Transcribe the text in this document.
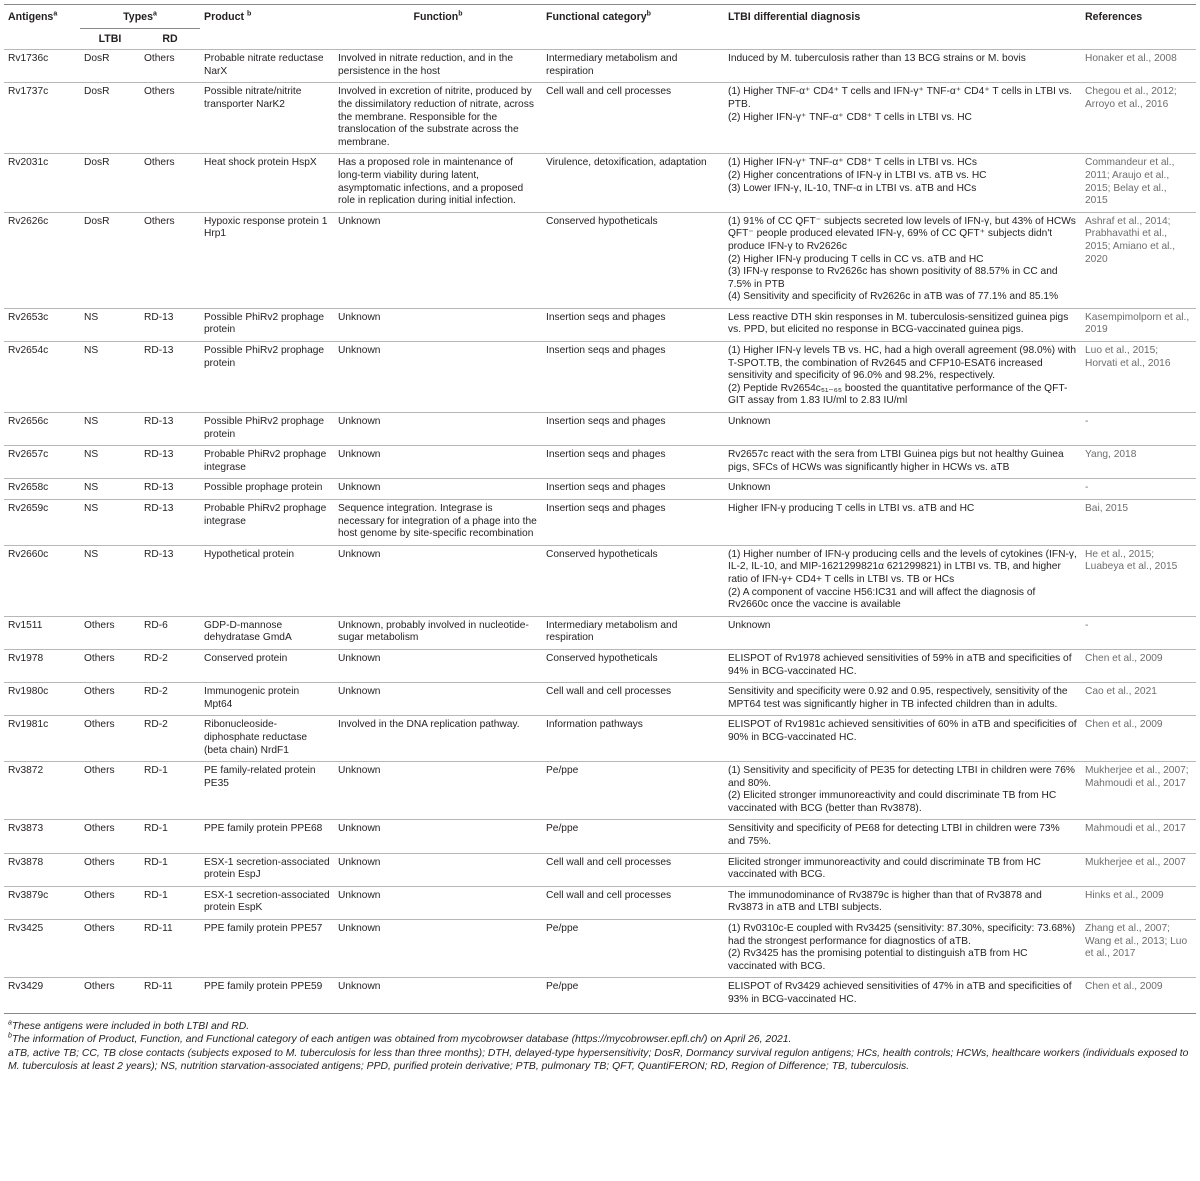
Antigens$^a$	Types$^a$		Product $^b$	Function$^b$	Functional category$^b$	LTBI differential diagnosis	References
	LTBI	RD					
Rv1736c	DosR	Others	Probable nitrate reductase NarX	Involved in nitrate reduction, and in the persistence in the host	Intermediary metabolism and respiration	Induced by M. tuberculosis rather than 13 BCG strains or M. bovis	Honaker et al., 2008
Rv1737c	DosR	Others	Possible nitrate/nitrite transporter NarK2	Involved in excretion of nitrite, produced by the dissimilatory reduction of nitrate, across the membrane. Responsible for the translocation of the substrate across the membrane.	Cell wall and cell processes	(1) Higher TNF-α⁺ CD4⁺ T cells and IFN-γ⁺ TNF-α⁺ CD4⁺ T cells in LTBI vs. PTB.
(2) Higher IFN-γ⁺ TNF-α⁺ CD8⁺ T cells in LTBI vs. HC	Chegou et al., 2012; Arroyo et al., 2016
Rv2031c	DosR	Others	Heat shock protein HspX	Has a proposed role in maintenance of long-term viability during latent, asymptomatic infections, and a proposed role in replication during initial infection.	Virulence, detoxification, adaptation	(1) Higher IFN-γ⁺ TNF-α⁺ CD8⁺ T cells in LTBI vs. HCs
(2) Higher concentrations of IFN-γ in LTBI vs. aTB vs. HC
(3) Lower IFN-γ, IL-10, TNF-α in LTBI vs. aTB and HCs	Commandeur et al., 2011; Araujo et al., 2015; Belay et al., 2015
Rv2626c	DosR	Others	Hypoxic response protein 1 Hrp1	Unknown	Conserved hypotheticals	(1) 91% of CC QFT⁻ subjects secreted low levels of IFN-γ, but 43% of HCWs QFT⁻ people produced elevated IFN-γ, 69% of CC QFT⁺ subjects didn't produce IFN-γ to Rv2626c
(2) Higher IFN-γ producing T cells in CC vs. aTB and HC
(3) IFN-γ response to Rv2626c has shown positivity of 88.57% in CC and 7.5% in PTB
(4) Sensitivity and specificity of Rv2626c in aTB was of 77.1% and 85.1%	Ashraf et al., 2014; Prabhavathi et al., 2015; Amiano et al., 2020
Rv2653c	NS	RD-13	Possible PhiRv2 prophage protein	Unknown	Insertion seqs and phages	Less reactive DTH skin responses in M. tuberculosis-sensitized guinea pigs vs. PPD, but elicited no response in BCG-vaccinated guinea pigs.	Kasempimolporn et al., 2019
Rv2654c	NS	RD-13	Possible PhiRv2 prophage protein	Unknown	Insertion seqs and phages	(1) Higher IFN-γ levels TB vs. HC, had a high overall agreement (98.0%) with T-SPOT.TB, the combination of Rv2645 and CFP10-ESAT6 increased sensitivity and specificity of 96.0% and 98.2%, respectively.
(2) Peptide Rv2654c₅₁₋₆₅ boosted the quantitative performance of the QFT-GIT assay from 1.83 IU/ml to 2.83 IU/ml	Luo et al., 2015; Horvati et al., 2016
Rv2656c	NS	RD-13	Possible PhiRv2 prophage protein	Unknown	Insertion seqs and phages	Unknown	-
Rv2657c	NS	RD-13	Probable PhiRv2 prophage integrase	Unknown	Insertion seqs and phages	Rv2657c react with the sera from LTBI Guinea pigs but not healthy Guinea pigs, SFCs of HCWs was significantly higher in HCWs vs. aTB	Yang, 2018
Rv2658c	NS	RD-13	Possible prophage protein	Unknown	Insertion seqs and phages	Unknown	-
Rv2659c	NS	RD-13	Probable PhiRv2 prophage integrase	Sequence integration. Integrase is necessary for integration of a phage into the host genome by site-specific recombination	Insertion seqs and phages	Higher IFN-γ producing T cells in LTBI vs. aTB and HC	Bai, 2015
Rv2660c	NS	RD-13	Hypothetical protein	Unknown	Conserved hypotheticals	(1) Higher number of IFN-γ producing cells and the levels of cytokines (IFN-γ, IL-2, IL-10, and MIP-1621299821α 621299821) in LTBI vs. TB, and higher ratio of IFN-γ+ CD4+ T cells in LTBI vs. TB or HCs
(2) A component of vaccine H56:IC31 and will affect the diagnosis of Rv2660c once the vaccine is available	He et al., 2015; Luabeya et al., 2015
Rv1511	Others	RD-6	GDP-D-mannose dehydratase GmdA	Unknown, probably involved in nucleotide-sugar metabolism	Intermediary metabolism and respiration	Unknown	-
Rv1978	Others	RD-2	Conserved protein	Unknown	Conserved hypotheticals	ELISPOT of Rv1978 achieved sensitivities of 59% in aTB and specificities of 94% in BCG-vaccinated HC.	Chen et al., 2009
Rv1980c	Others	RD-2	Immunogenic protein Mpt64	Unknown	Cell wall and cell processes	Sensitivity and specificity were 0.92 and 0.95, respectively, sensitivity of the MPT64 test was significantly higher in TB infected children than in adults.	Cao et al., 2021
Rv1981c	Others	RD-2	Ribonucleoside-diphosphate reductase (beta chain) NrdF1	Involved in the DNA replication pathway.	Information pathways	ELISPOT of Rv1981c achieved sensitivities of 60% in aTB and specificities of 90% in BCG-vaccinated HC.	Chen et al., 2009
Rv3872	Others	RD-1	PE family-related protein PE35	Unknown	Pe/ppe	(1) Sensitivity and specificity of PE35 for detecting LTBI in children were 76% and 80%.
(2) Elicited stronger immunoreactivity and could discriminate TB from HC vaccinated with BCG (better than Rv3878).	Mukherjee et al., 2007; Mahmoudi et al., 2017
Rv3873	Others	RD-1	PPE family protein PPE68	Unknown	Pe/ppe	Sensitivity and specificity of PE68 for detecting LTBI in children were 73% and 75%.	Mahmoudi et al., 2017
Rv3878	Others	RD-1	ESX-1 secretion-associated protein EspJ	Unknown	Cell wall and cell processes	Elicited stronger immunoreactivity and could discriminate TB from HC vaccinated with BCG.	Mukherjee et al., 2007
Rv3879c	Others	RD-1	ESX-1 secretion-associated protein EspK	Unknown	Cell wall and cell processes	The immunodominance of Rv3879c is higher than that of Rv3878 and Rv3873 in aTB and LTBI subjects.	Hinks et al., 2009
Rv3425	Others	RD-11	PPE family protein PPE57	Unknown	Pe/ppe	(1) Rv0310c-E coupled with Rv3425 (sensitivity: 87.30%, specificity: 73.68%) had the strongest performance for diagnostics of aTB.
(2) Rv3425 has the promising potential to distinguish aTB from HC vaccinated with BCG.	Zhang et al., 2007; Wang et al., 2013; Luo et al., 2017
Rv3429	Others	RD-11	PPE family protein PPE59	Unknown	Pe/ppe	ELISPOT of Rv3429 achieved sensitivities of 47% in aTB and specificities of 93% in BCG-vaccinated HC.	Chen et al., 2009
$^a$These antigens were included in both LTBI and RD.
$^b$The information of Product, Function, and Functional category of each antigen was obtained from mycobrowser database (https://mycobrowser.epfl.ch/) on April 26, 2021.
aTB, active TB; CC, TB close contacts (subjects exposed to M. tuberculosis for less than three months); DTH, delayed-type hypersensitivity; DosR, Dormancy survival regulon antigens; HCs, health controls; HCWs, healthcare workers (individuals exposed to M. tuberculosis at least 2 years); NS, nutrition starvation-associated antigens; PPD, purified protein derivative; PTB, pulmonary TB; QFT, QuantiFERON; RD, Region of Difference; TB, tuberculosis.
